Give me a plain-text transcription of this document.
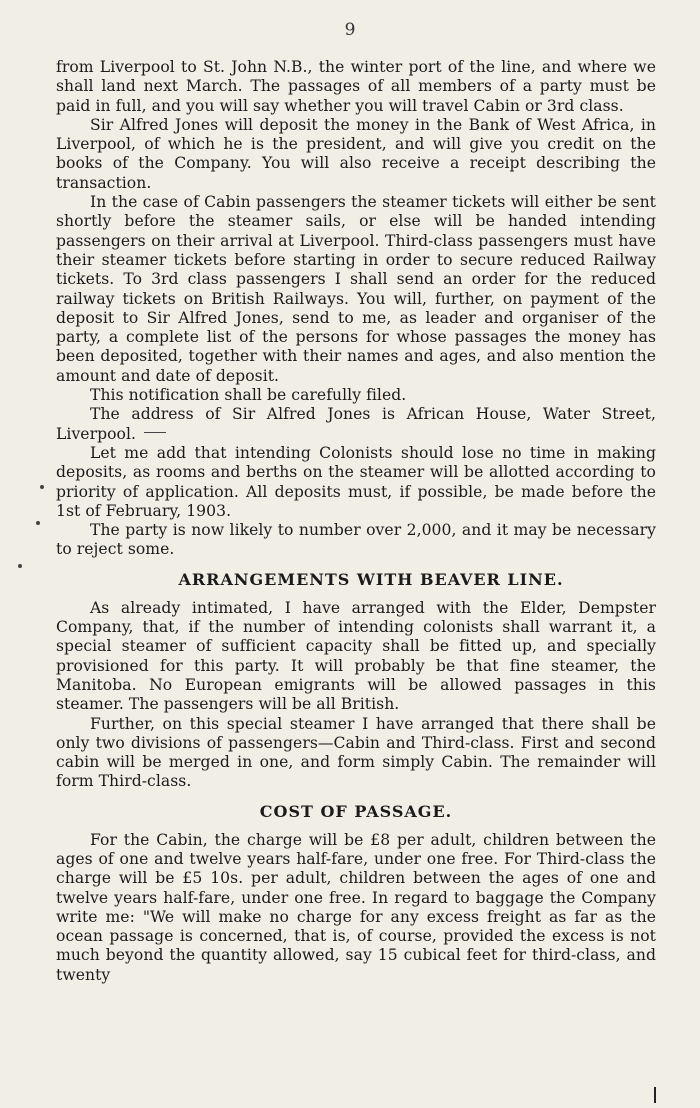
9

from Liverpool to St. John N.B., the winter port of the line, and where we shall land next March. The passages of all members of a party must be paid in full, and you will say whether you will travel Cabin or 3rd class.

Sir Alfred Jones will deposit the money in the Bank of West Africa, in Liverpool, of which he is the president, and will give you credit on the books of the Company. You will also receive a receipt describing the transaction.

In the case of Cabin passengers the steamer tickets will either be sent shortly before the steamer sails, or else will be handed intending passengers on their arrival at Liverpool. Third-class passengers must have their steamer tickets before starting in order to secure reduced Railway tickets. To 3rd class passengers I shall send an order for the reduced railway tickets on British Railways. You will, further, on payment of the deposit to Sir Alfred Jones, send to me, as leader and organiser of the party, a complete list of the persons for whose passages the money has been deposited, together with their names and ages, and also mention the amount and date of deposit.

This notification shall be carefully filed.

The address of Sir Alfred Jones is African House, Water Street, Liverpool.

Let me add that intending Colonists should lose no time in making deposits, as rooms and berths on the steamer will be allotted according to priority of application. All deposits must, if possible, be made before the 1st of February, 1903.

The party is now likely to number over 2,000, and it may be necessary to reject some.

ARRANGEMENTS WITH BEAVER LINE.

As already intimated, I have arranged with the Elder, Dempster Company, that, if the number of intending colonists shall warrant it, a special steamer of sufficient capacity shall be fitted up, and specially provisioned for this party. It will probably be that fine steamer, the Manitoba. No European emigrants will be allowed passages in this steamer. The passengers will be all British.

Further, on this special steamer I have arranged that there shall be only two divisions of passengers—Cabin and Third-class. First and second cabin will be merged in one, and form simply Cabin. The remainder will form Third-class.

COST OF PASSAGE.

For the Cabin, the charge will be £8 per adult, children between the ages of one and twelve years half-fare, under one free. For Third-class the charge will be £5 10s. per adult, children between the ages of one and twelve years half-fare, under one free. In regard to baggage the Company write me: "We will make no charge for any excess freight as far as the ocean passage is concerned, that is, of course, provided the excess is not much beyond the quantity allowed, say 15 cubical feet for third-class, and twenty
